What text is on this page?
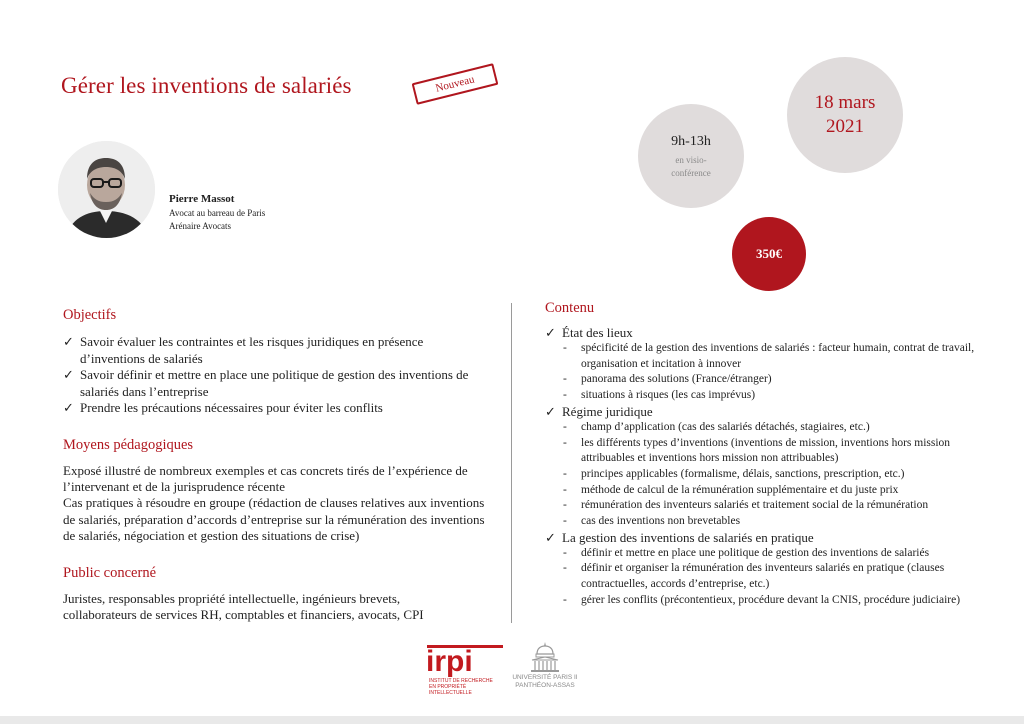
Gérer les inventions de salariés	Nouveau
18 mars
2021
9h-13h
en visio-
conférence
350€
Pierre Massot
Avocat au barreau de Paris
Arénaire Avocats
Objectifs
✓ Savoir évaluer les contraintes et les risques juridiques en présence d’inventions de salariés
✓ Savoir définir et mettre en place une politique de gestion des inventions de salariés dans l’entreprise
✓ Prendre les précautions nécessaires pour éviter les conflits
Moyens pédagogiques
Exposé illustré de nombreux exemples et cas concrets tirés de l’expérience de l’intervenant et de la jurisprudence récente
Cas pratiques à résoudre en groupe (rédaction de clauses relatives aux inventions de salariés, préparation d’accords d’entreprise sur la rémunération des inventions de salariés, négociation et gestion des situations de crise)
Public concerné
Juristes, responsables propriété intellectuelle, ingénieurs brevets, collaborateurs de services RH, comptables et financiers, avocats, CPI
Contenu
✓ État des lieux
- spécificité de la gestion des inventions de salariés : facteur humain, contrat de travail, organisation et incitation à innover
- panorama des solutions (France/étranger)
- situations à risques (les cas imprévus)
✓ Régime juridique
- champ d’application (cas des salariés détachés, stagiaires, etc.)
- les différents types d’inventions (inventions de mission, inventions hors mission attribuables et inventions hors mission non attribuables)
- principes applicables (formalisme, délais, sanctions, prescription, etc.)
- méthode de calcul de la rémunération supplémentaire et du juste prix
- rémunération des inventeurs salariés et traitement social de la rémunération
- cas des inventions non brevetables
✓ La gestion des inventions de salariés en pratique
- définir et mettre en place une politique de gestion des inventions de salariés
- définir et organiser la rémunération des inventeurs salariés en pratique (clauses contractuelles, accords d’entreprise, etc.)
- gérer les conflits (précontentieux, procédure devant la CNIS, procédure judiciaire)
irpi
INSTITUT DE RECHERCHE EN PROPRIÉTÉ INTELLECTUELLE
UNIVERSITÉ PARIS II
PANTHÉON-ASSAS
